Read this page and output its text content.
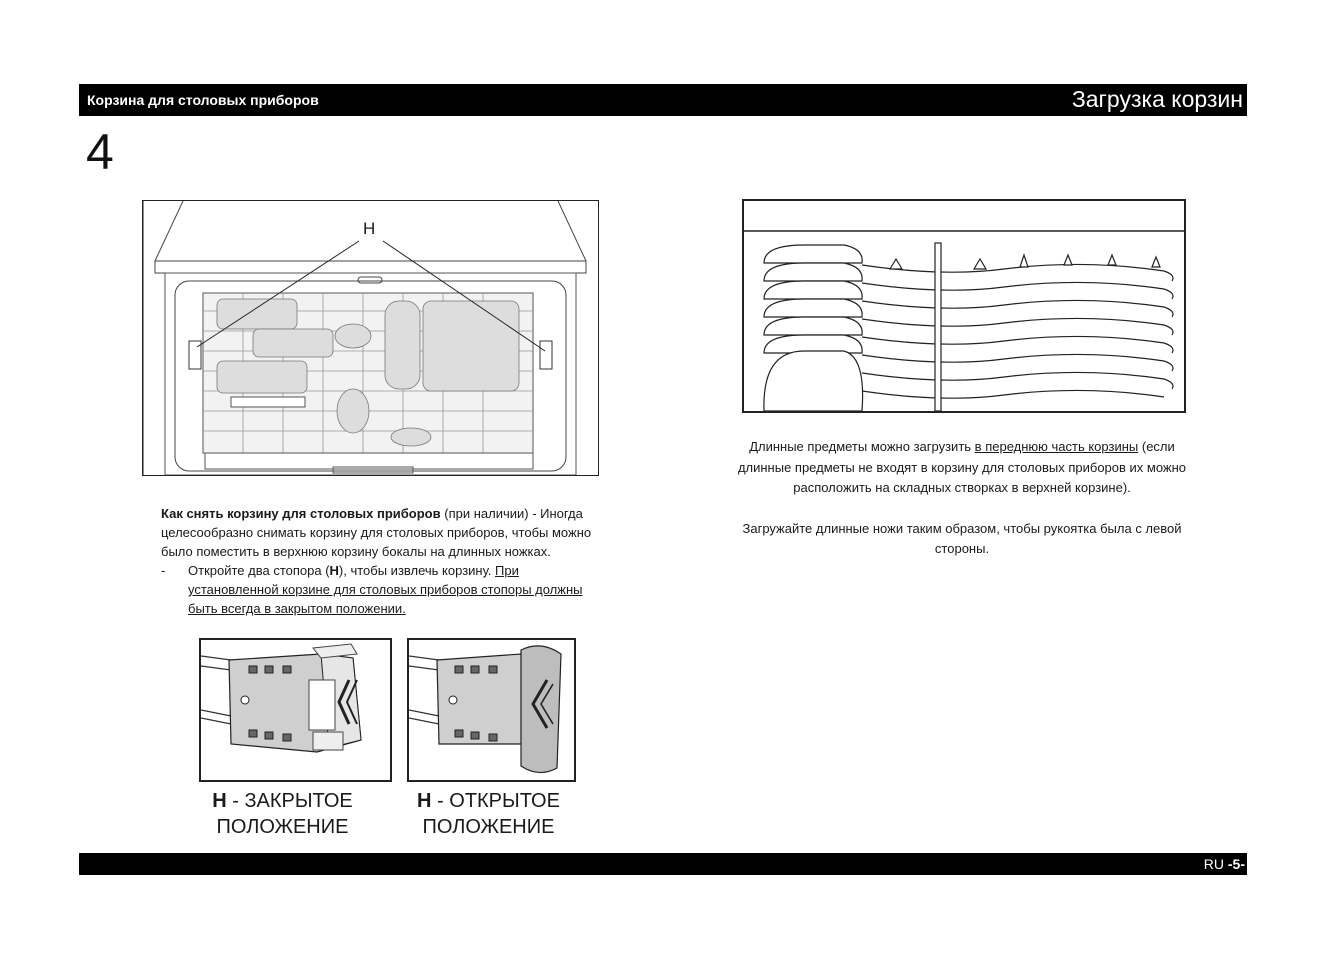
Корзина для столовых приборов	Загрузка корзин
4
H

Как снять корзину для столовых приборов (при наличии) - Иногда целесообразно снимать корзину для столовых приборов, чтобы можно было поместить в верхнюю корзину бокалы на длинных ножках.

-	Откройте два стопора (H), чтобы извлечь корзину. При установленной корзине для столовых приборов стопоры должны быть всегда в закрытом положении.

Длинные предметы можно загрузить в переднюю часть корзины (если длинные предметы не входят в корзину для столовых приборов их можно расположить на складных створках в верхней корзине).

Загружайте длинные ножи таким образом, чтобы рукоятка была с левой стороны.

H - ЗАКРЫТОЕ ПОЛОЖЕНИЕ
H - ОТКРЫТОЕ ПОЛОЖЕНИЕ
RU -5-
